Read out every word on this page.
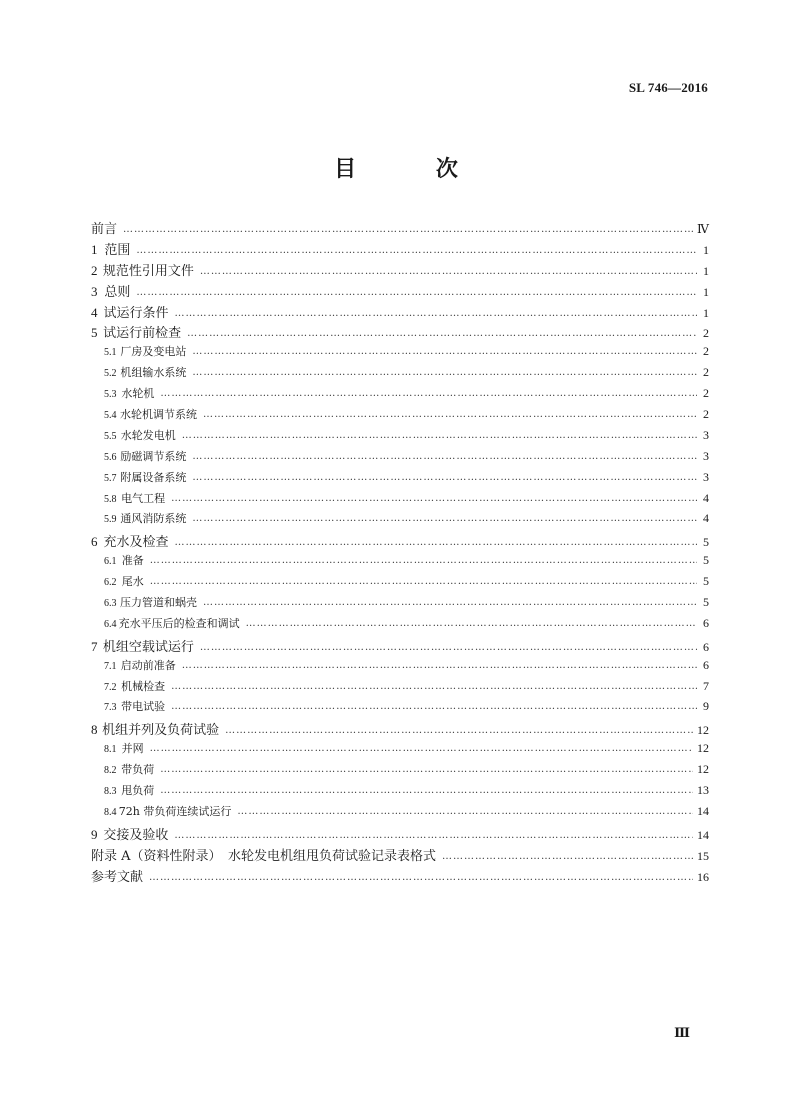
SL 746—2016
目 次
前言 ………………………………………………………………………………………………………………………………………………………………………………………………………………………………	Ⅳ
1 范围 ………………………………………………………………………………………………………………………………………………………………………………………………………………………………	1
2 规范性引用文件 ………………………………………………………………………………………………………………………………………………………………………………………………………………………………	1
3 总则 ………………………………………………………………………………………………………………………………………………………………………………………………………………………………	1
4 试运行条件 ………………………………………………………………………………………………………………………………………………………………………………………………………………………………	1
5 试运行前检查 ………………………………………………………………………………………………………………………………………………………………………………………………………………………………	2
5.1 厂房及变电站 ………………………………………………………………………………………………………………………………………………………………………………………………………………………………	2
5.2 机组输水系统 ………………………………………………………………………………………………………………………………………………………………………………………………………………………………	2
5.3 水轮机 ………………………………………………………………………………………………………………………………………………………………………………………………………………………………	2
5.4 水轮机调节系统 ………………………………………………………………………………………………………………………………………………………………………………………………………………………………	2
5.5 水轮发电机 ………………………………………………………………………………………………………………………………………………………………………………………………………………………………	3
5.6 励磁调节系统 ………………………………………………………………………………………………………………………………………………………………………………………………………………………………	3
5.7 附属设备系统 ………………………………………………………………………………………………………………………………………………………………………………………………………………………………	3
5.8 电气工程 ………………………………………………………………………………………………………………………………………………………………………………………………………………………………	4
5.9 通风消防系统 ………………………………………………………………………………………………………………………………………………………………………………………………………………………………	4
6 充水及检查 ………………………………………………………………………………………………………………………………………………………………………………………………………………………………	5
6.1 准备 ………………………………………………………………………………………………………………………………………………………………………………………………………………………………	5
6.2 尾水 ………………………………………………………………………………………………………………………………………………………………………………………………………………………………	5
6.3 压力管道和蜗壳 ………………………………………………………………………………………………………………………………………………………………………………………………………………………………	5
6.4 充水平压后的检查和调试 ………………………………………………………………………………………………………………………………………………………………………………………………………………………………	6
7 机组空载试运行 ………………………………………………………………………………………………………………………………………………………………………………………………………………………………	6
7.1 启动前准备 ………………………………………………………………………………………………………………………………………………………………………………………………………………………………	6
7.2 机械检查 ………………………………………………………………………………………………………………………………………………………………………………………………………………………………	7
7.3 带电试验 ………………………………………………………………………………………………………………………………………………………………………………………………………………………………	9
8 机组并列及负荷试验 ………………………………………………………………………………………………………………………………………………………………………………………………………………………………	12
8.1 并网 ………………………………………………………………………………………………………………………………………………………………………………………………………………………………	12
8.2 带负荷 ………………………………………………………………………………………………………………………………………………………………………………………………………………………………	12
8.3 甩负荷 ………………………………………………………………………………………………………………………………………………………………………………………………………………………………	13
8.4 72h 带负荷连续试运行 ………………………………………………………………………………………………………………………………………………………………………………………………………………………………	14
9 交接及验收 ………………………………………………………………………………………………………………………………………………………………………………………………………………………………	14
附录 A（资料性附录）　水轮发电机组甩负荷试验记录表格式 ………………………………………………………………………………………………………………………………………………………………………………………………………………………………	15
参考文献 ………………………………………………………………………………………………………………………………………………………………………………………………………………………………	16
Ⅲ
